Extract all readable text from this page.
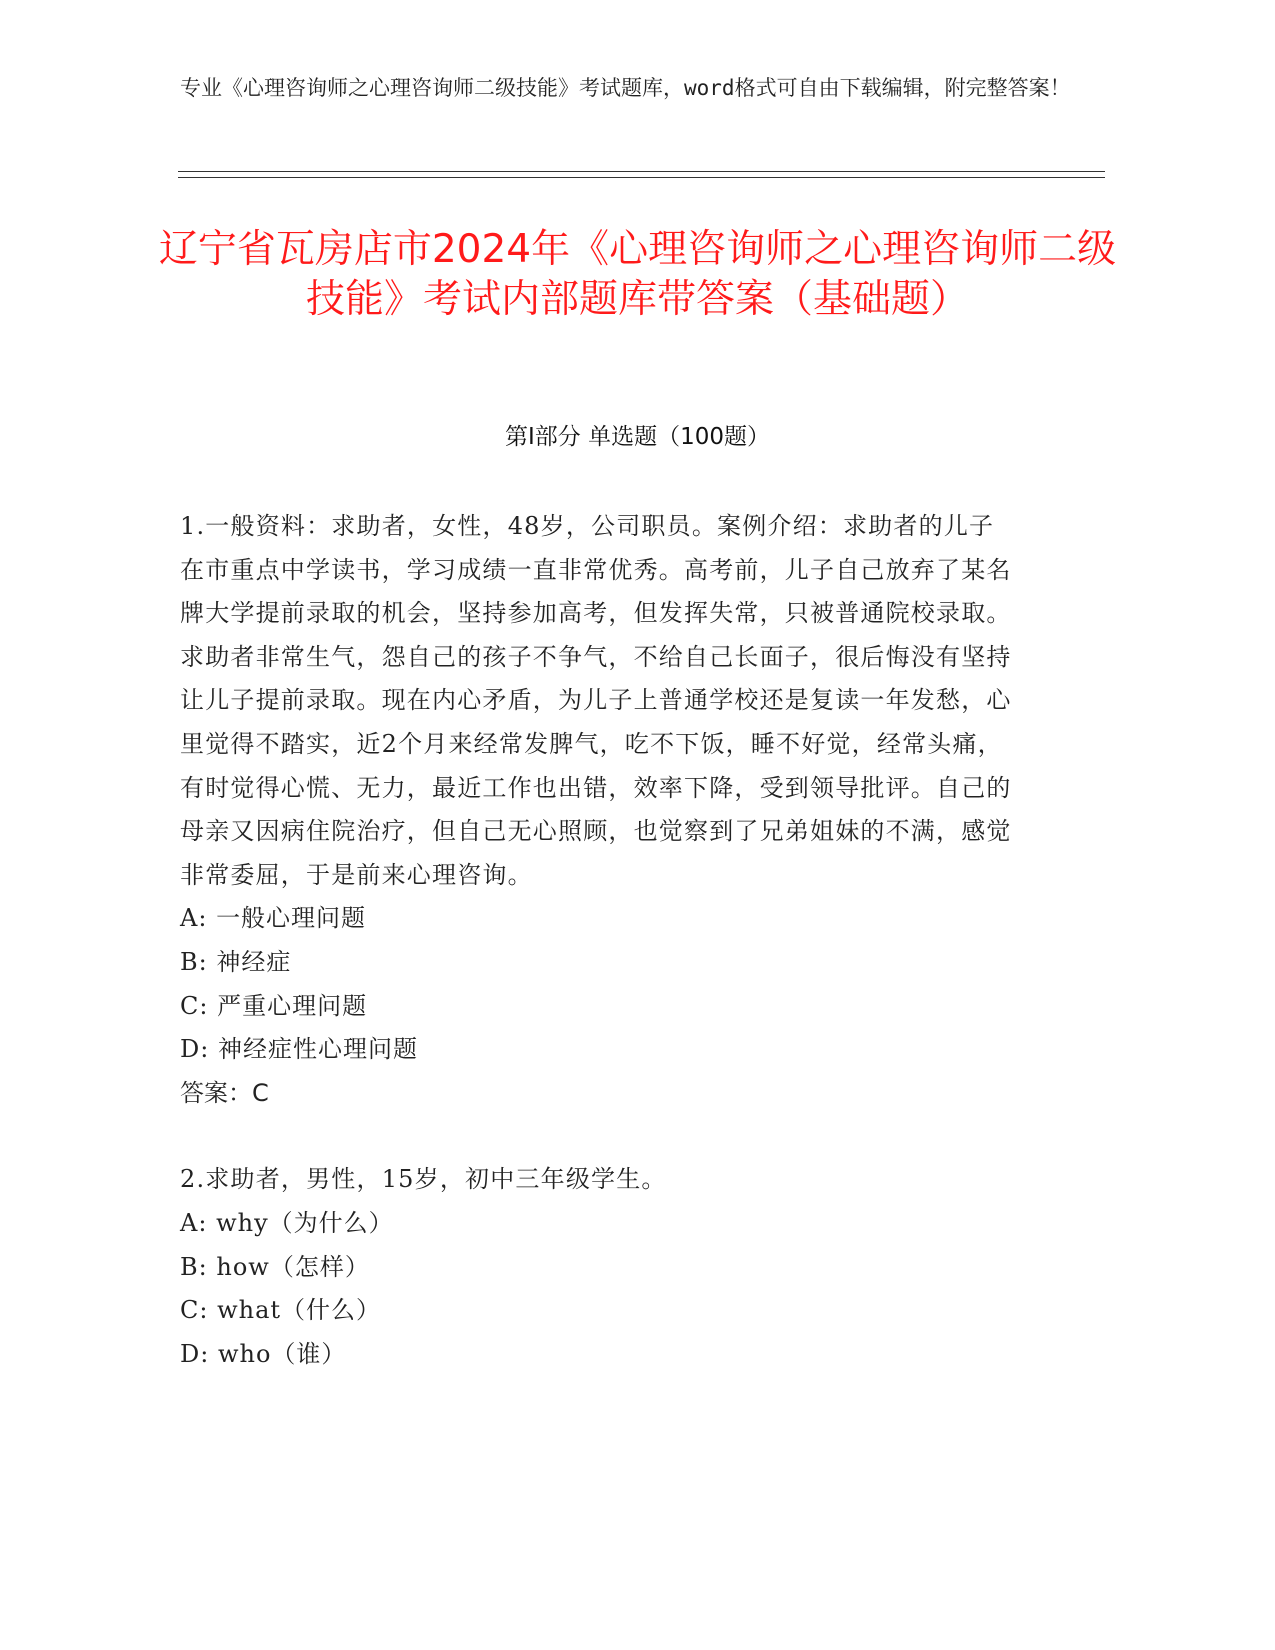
专业《心理咨询师之心理咨询师二级技能》考试题库，word格式可自由下载编辑，附完整答案！
辽宁省瓦房店市2024年《心理咨询师之心理咨询师二级技能》考试内部题库带答案（基础题）
第I部分 单选题（100题）

1.一般资料：求助者，女性，48岁，公司职员。案例介绍：求助者的儿子在市重点中学读书，学习成绩一直非常优秀。高考前，儿子自己放弃了某名牌大学提前录取的机会，坚持参加高考，但发挥失常，只被普通院校录取。求助者非常生气，怨自己的孩子不争气，不给自己长面子，很后悔没有坚持让儿子提前录取。现在内心矛盾，为儿子上普通学校还是复读一年发愁，心里觉得不踏实，近2个月来经常发脾气，吃不下饭，睡不好觉，经常头痛，有时觉得心慌、无力，最近工作也出错，效率下降，受到领导批评。自己的母亲又因病住院治疗，但自己无心照顾，也觉察到了兄弟姐妹的不满，感觉非常委屈，于是前来心理咨询。

A: 一般心理问题

B: 神经症

C: 严重心理问题

D: 神经症性心理问题

答案：C

2.求助者，男性，15岁，初中三年级学生。

A: why（为什么）

B: how（怎样）

C: what（什么）

D: who（谁）
